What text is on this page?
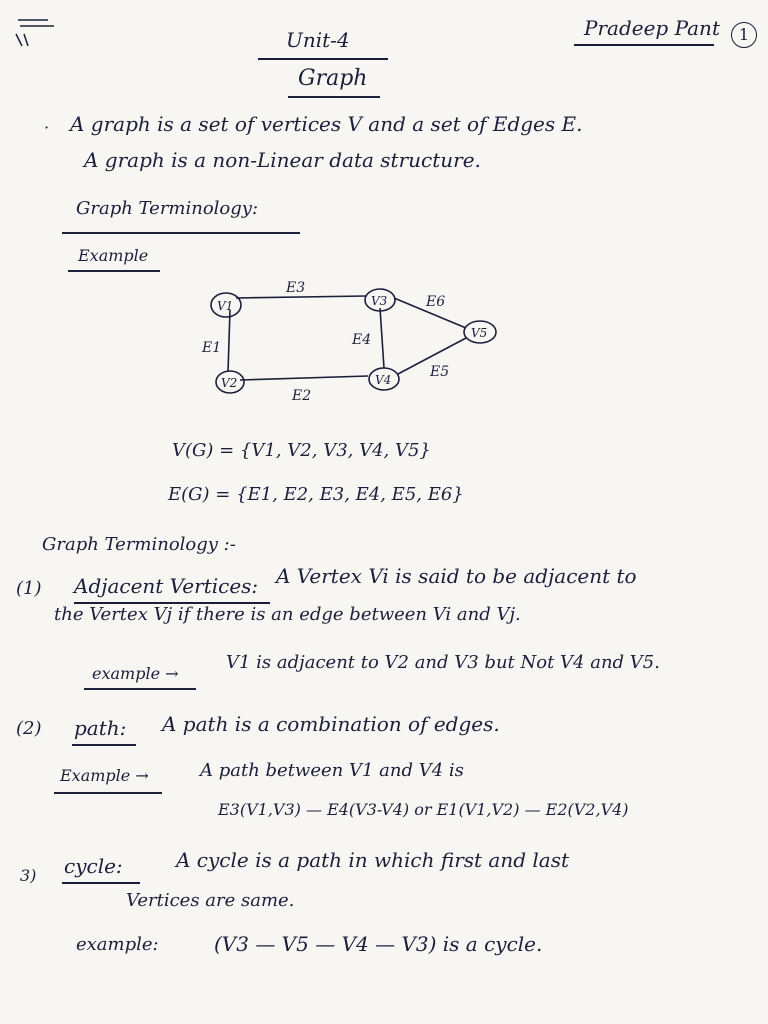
Pradeep Pant	1
Unit-4
Graph
· A graph is a set of vertices V and a set of Edges E.
A graph is a non-Linear data structure.
Graph Terminology:
Example
V1
V2
V3
V4
V5
E1
E2
E3
E4
E5
E6
V(G) = {V1, V2, V3, V4, V5}
E(G) = {E1, E2, E3, E4, E5, E6}
Graph Terminology :-
(1) Adjacent Vertices: A Vertex Vi is said to be adjacent to
the Vertex Vj if there is an edge between Vi and Vj.
example →
V1 is adjacent to V2 and V3 but Not V4 and V5.
(2) path: A path is a combination of edges.
Example →	A path between V1 and V4 is
E3(V1,V3) — E4(V3-V4) or E1(V1,V2) — E2(V2,V4)
3) cycle:	A cycle is a path in which first and last
Vertices are same.
example:	(V3 — V5 — V4 — V3) is a cycle.
